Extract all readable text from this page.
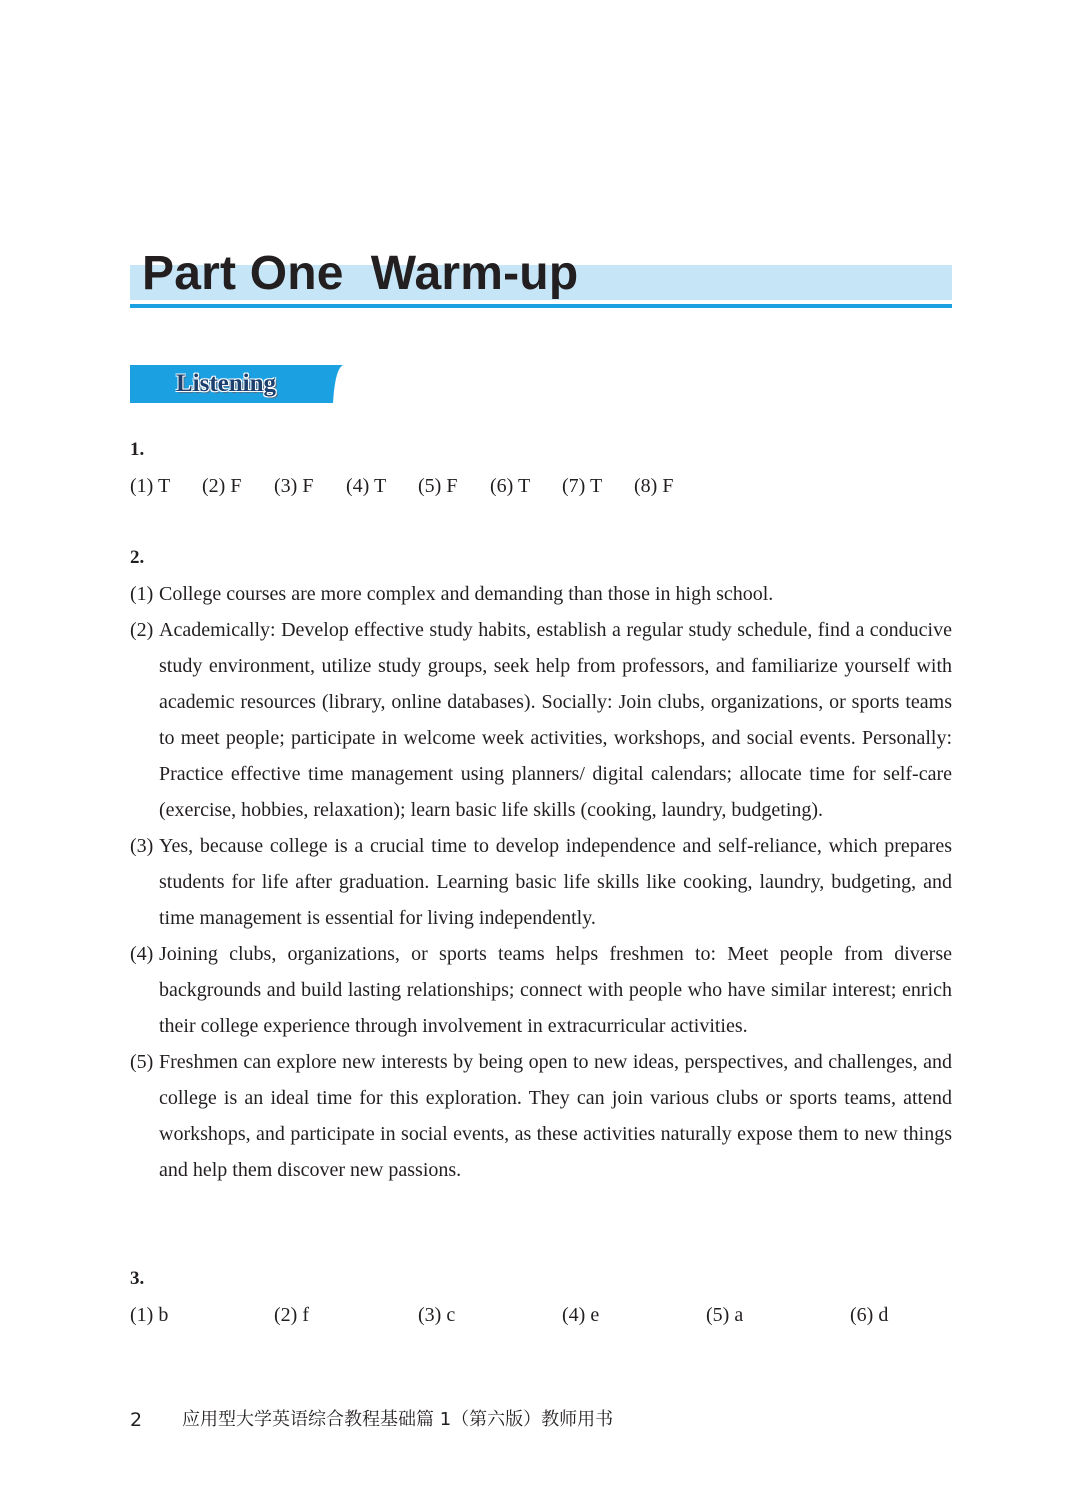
Part One  Warm-up
Listening
1.
(1) T (2) F (3) F (4) T (5) F (6) T (7) T (8) F
2.
(1) College courses are more complex and demanding than those in high school.
(2) Academically: Develop effective study habits, establish a regular study schedule, find a conducive study environment, utilize study groups, seek help from professors, and familiarize yourself with academic resources (library, online databases). Socially: Join clubs, organizations, or sports teams to meet people; participate in welcome week activities, workshops, and social events. Personally: Practice effective time management using planners/ digital calendars; allocate time for self-care (exercise, hobbies, relaxation); learn basic life skills (cooking, laundry, budgeting).
(3) Yes, because college is a crucial time to develop independence and self-reliance, which prepares students for life after graduation. Learning basic life skills like cooking, laundry, budgeting, and time management is essential for living independently.
(4) Joining clubs, organizations, or sports teams helps freshmen to: Meet people from diverse backgrounds and build lasting relationships; connect with people who have similar interest; enrich their college experience through involvement in extracurricular activities.
(5) Freshmen can explore new interests by being open to new ideas, perspectives, and challenges, and college is an ideal time for this exploration. They can join various clubs or sports teams, attend workshops, and participate in social events, as these activities naturally expose them to new things and help them discover new passions.
3.
(1) b	(2) f	(3) c	(4) e	(5) a	(6) d
2 应用型大学英语综合教程基础篇 1（第六版）教师用书
